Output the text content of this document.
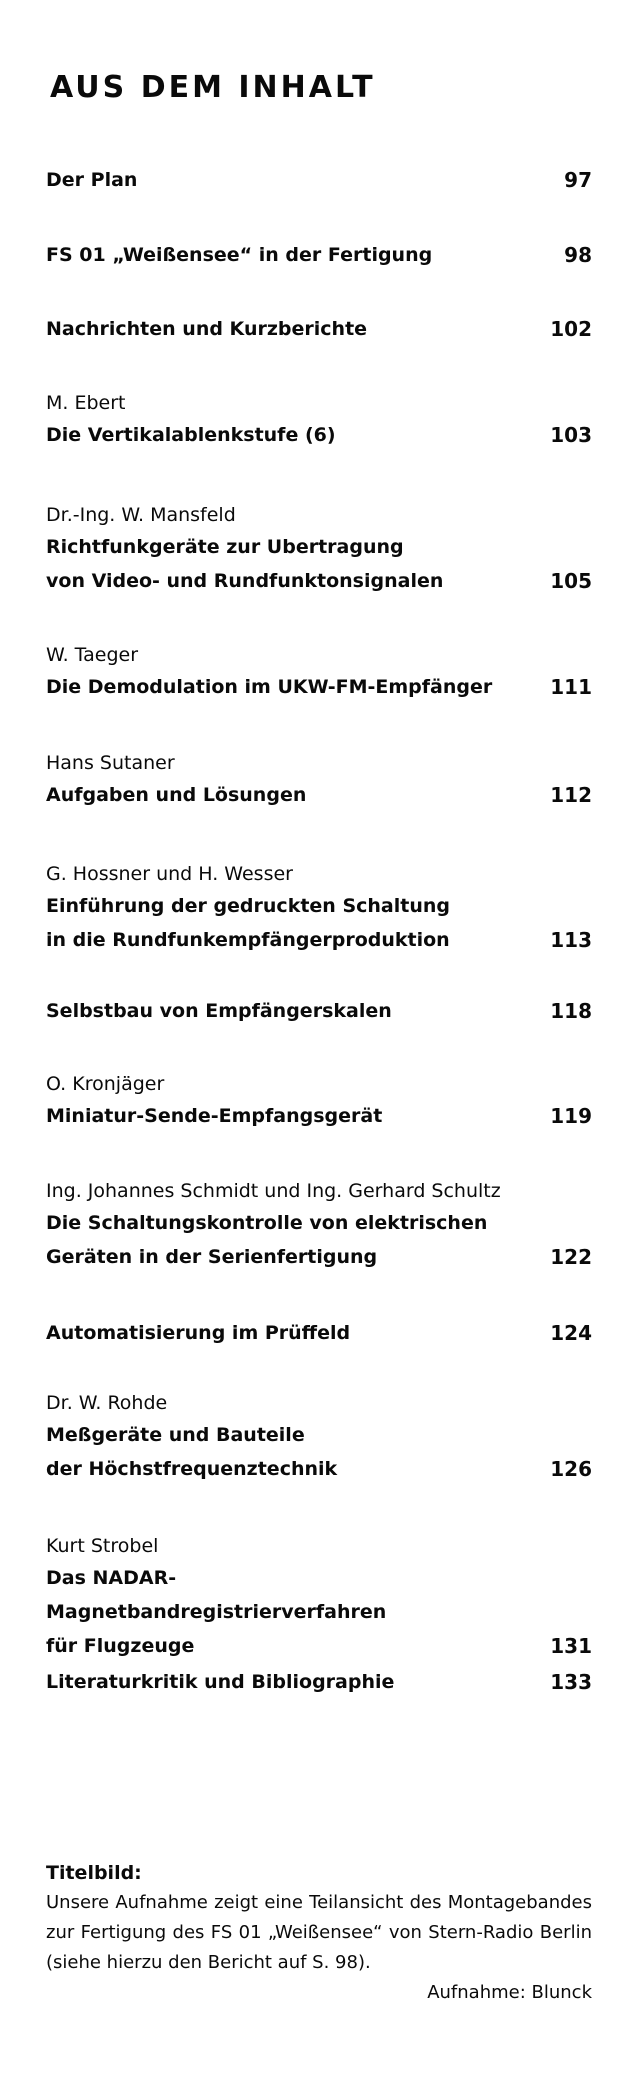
AUS DEM INHALT
Der Plan	97
FS 01 „Weißensee“ in der Fertigung	98
Nachrichten und Kurzberichte	102
M. Ebert
Die Vertikalablenkstufe (6)	103
Dr.-Ing. W. Mansfeld
Richtfunkgeräte zur Ubertragung
von Video- und Rundfunktonsignalen	105
W. Taeger
Die Demodulation im UKW-FM-Empfänger	111
Hans Sutaner
Aufgaben und Lösungen	112
G. Hossner und H. Wesser
Einführung der gedruckten Schaltung
in die Rundfunkempfängerproduktion	113
Selbstbau von Empfängerskalen	118
O. Kronjäger
Miniatur-Sende-Empfangsgerät	119
Ing. Johannes Schmidt und Ing. Gerhard Schultz
Die Schaltungskontrolle von elektrischen
Geräten in der Serienfertigung	122
Automatisierung im Prüffeld	124
Dr. W. Rohde
Meßgeräte und Bauteile
der Höchstfrequenztechnik	126
Kurt Strobel
Das NADAR-Magnetbandregistrierverfahren
für Flugzeuge	131
Literaturkritik und Bibliographie	133
Titelbild:
Unsere Aufnahme zeigt eine Teilansicht des Montagebandes zur Fertigung des FS 01 „Weißensee“ von Stern-Radio Berlin (siehe hierzu den Bericht auf S. 98).
Aufnahme: Blunck
